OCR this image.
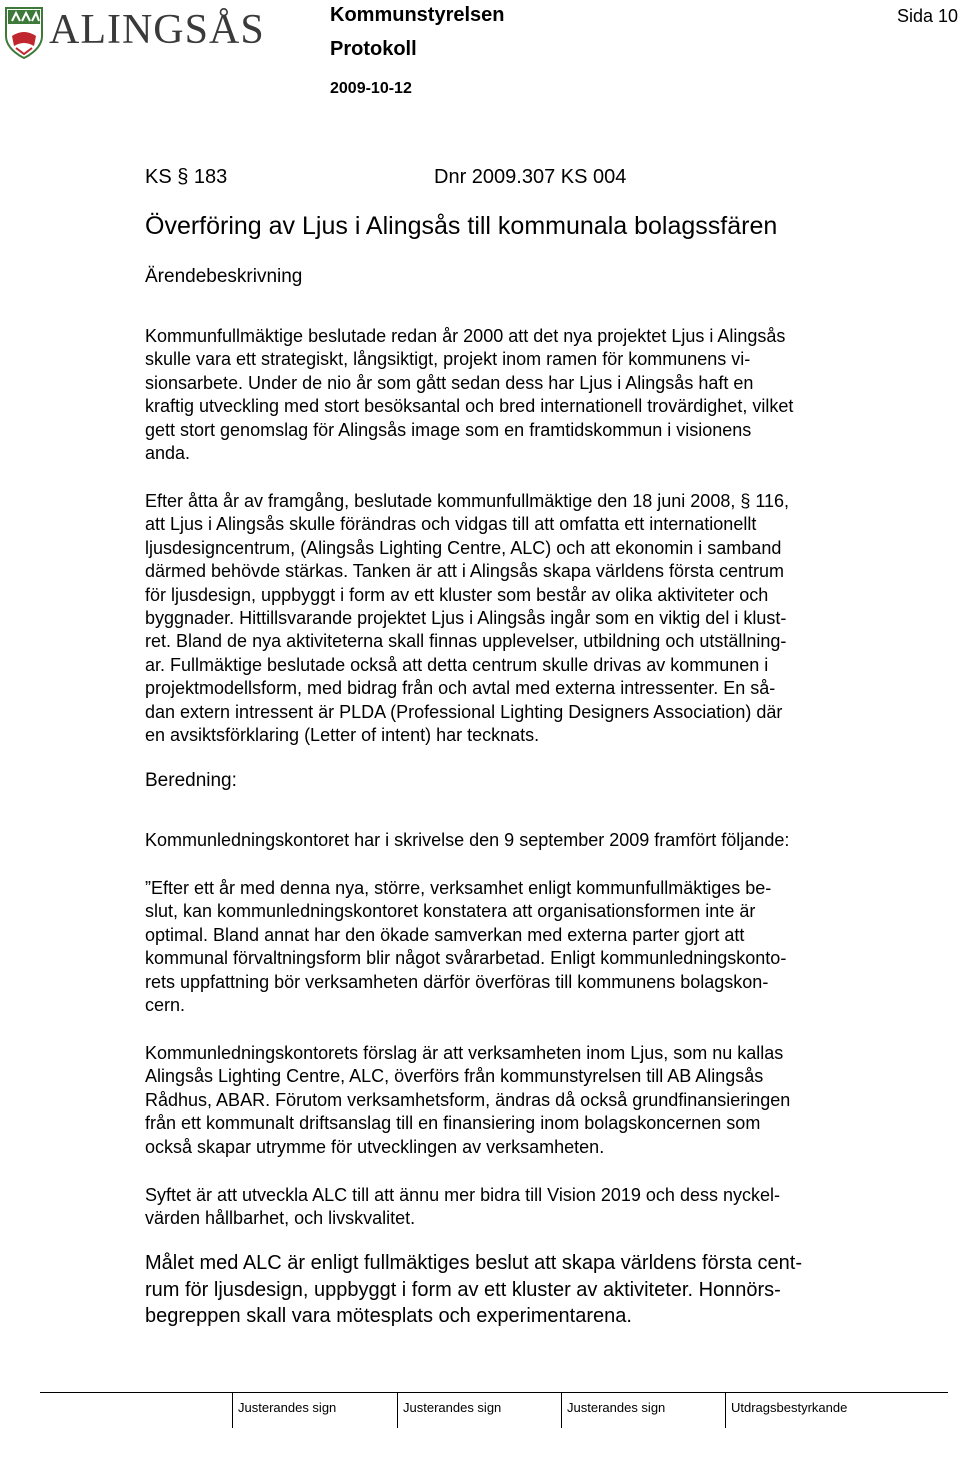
ALINGSÅS	Kommunstyrelsen
Protokoll
2009-10-12
Sida 10
KS § 183	Dnr 2009.307 KS 004
Överföring av Ljus i Alingsås till kommunala bolagssfären
Ärendebeskrivning
Kommunfullmäktige beslutade redan år 2000 att det nya projektet Ljus i Alingsås
skulle vara ett strategiskt, långsiktigt, projekt inom ramen för kommunens vi-
sionsarbete. Under de nio år som gått sedan dess har Ljus i Alingsås haft en
kraftig utveckling med stort besöksantal och bred internationell trovärdighet, vilket
gett stort genomslag för Alingsås image som en framtidskommun i visionens
anda.
Efter åtta år av framgång, beslutade kommunfullmäktige den 18 juni 2008, § 116,
att Ljus i Alingsås skulle förändras och vidgas till att omfatta ett internationellt
ljusdesigncentrum, (Alingsås Lighting Centre, ALC) och att ekonomin i samband
därmed behövde stärkas. Tanken är att i Alingsås skapa världens första centrum
för ljusdesign, uppbyggt i form av ett kluster som består av olika aktiviteter och
byggnader. Hittillsvarande projektet Ljus i Alingsås ingår som en viktig del i klust-
ret. Bland de nya aktiviteterna skall finnas upplevelser, utbildning och utställning-
ar. Fullmäktige beslutade också att detta centrum skulle drivas av kommunen i
projektmodellsform, med bidrag från och avtal med externa intressenter. En så-
dan extern intressent är PLDA (Professional Lighting Designers Association) där
en avsiktsförklaring (Letter of intent) har tecknats.
Beredning:
Kommunledningskontoret har i skrivelse den 9 september 2009 framfört följande:
”Efter ett år med denna nya, större, verksamhet enligt kommunfullmäktiges be-
slut, kan kommunledningskontoret konstatera att organisationsformen inte är
optimal. Bland annat har den ökade samverkan med externa parter gjort att
kommunal förvaltningsform blir något svårarbetad. Enligt kommunledningskonto-
rets uppfattning bör verksamheten därför överföras till kommunens bolagskon-
cern.
Kommunledningskontorets förslag är att verksamheten inom Ljus, som nu kallas
Alingsås Lighting Centre, ALC, överförs från kommunstyrelsen till AB Alingsås
Rådhus, ABAR. Förutom verksamhetsform, ändras då också grundfinansieringen
från ett kommunalt driftsanslag till en finansiering inom bolagskoncernen som
också skapar utrymme för utvecklingen av verksamheten.
Syftet är att utveckla ALC till att ännu mer bidra till Vision 2019 och dess nyckel-
värden hållbarhet, och livskvalitet.
Målet med ALC är enligt fullmäktiges beslut att skapa världens första cent-
rum för ljusdesign, uppbyggt i form av ett kluster av aktiviteter. Honnörs-
begreppen skall vara mötesplats och experimentarena.
Justerandes sign	Justerandes sign	Justerandes sign	Utdragsbestyrkande
